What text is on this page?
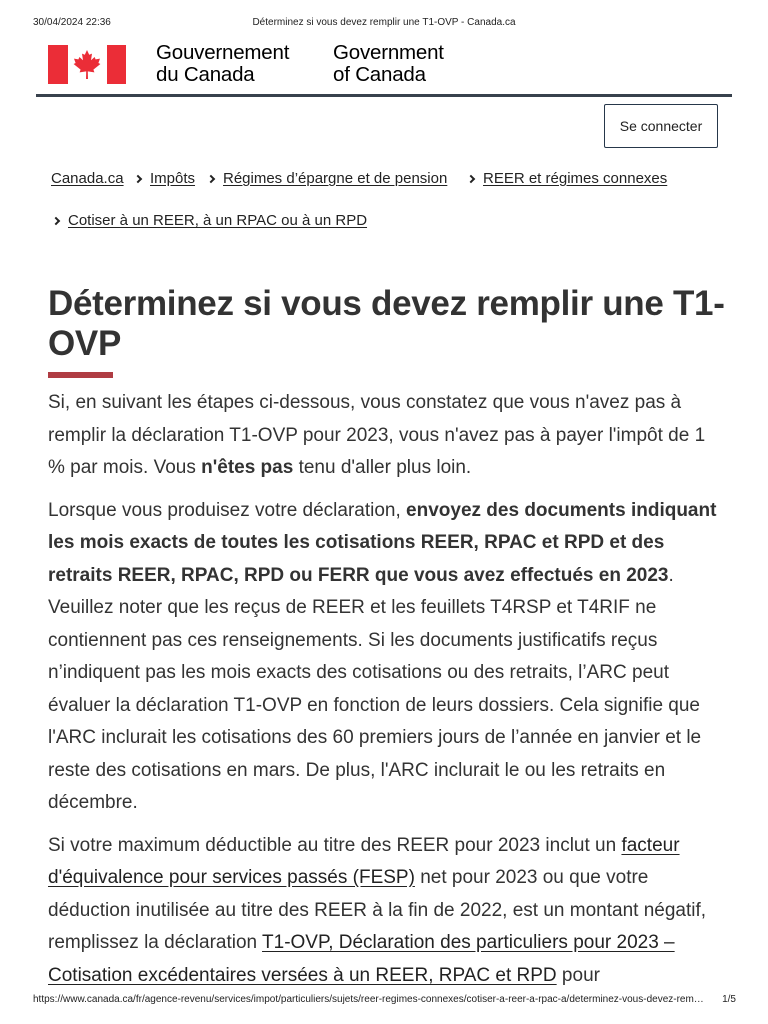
30/04/2024 22:36	Déterminez si vous devez remplir une T1-OVP - Canada.ca
Gouvernement
du Canada
Government
of Canada
Se connecter
Canada.ca Impôts Régimes d’épargne et de pension REER et régimes connexes
Cotiser à un REER, à un RPAC ou à un RPD
Déterminez si vous devez remplir une T1-OVP

Si, en suivant les étapes ci-dessous, vous constatez que vous n'avez pas à remplir la déclaration T1-OVP pour 2023, vous n'avez pas à payer l'impôt de 1 % par mois. Vous n'êtes pas tenu d'aller plus loin.

Lorsque vous produisez votre déclaration, envoyez des documents indiquant les mois exacts de toutes les cotisations REER, RPAC et RPD et des retraits REER, RPAC, RPD ou FERR que vous avez effectués en 2023. Veuillez noter que les reçus de REER et les feuillets T4RSP et T4RIF ne contiennent pas ces renseignements. Si les documents justificatifs reçus n’indiquent pas les mois exacts des cotisations ou des retraits, l’ARC peut évaluer la déclaration T1-OVP en fonction de leurs dossiers. Cela signifie que l'ARC inclurait les cotisations des 60 premiers jours de l’année en janvier et le reste des cotisations en mars. De plus, l'ARC inclurait le ou les retraits en décembre.

Si votre maximum déductible au titre des REER pour 2023 inclut un facteur d'équivalence pour services passés (FESP) net pour 2023 ou que votre déduction inutilisée au titre des REER à la fin de 2022, est un montant négatif, remplissez la déclaration T1-OVP, Déclaration des particuliers pour 2023 – Cotisation excédentaires versées à un REER, RPAC et RPD pour

https://www.canada.ca/fr/agence-revenu/services/impot/particuliers/sujets/reer-regimes-connexes/cotiser-a-reer-a-rpac-a/determinez-vous-devez-rem…	1/5
